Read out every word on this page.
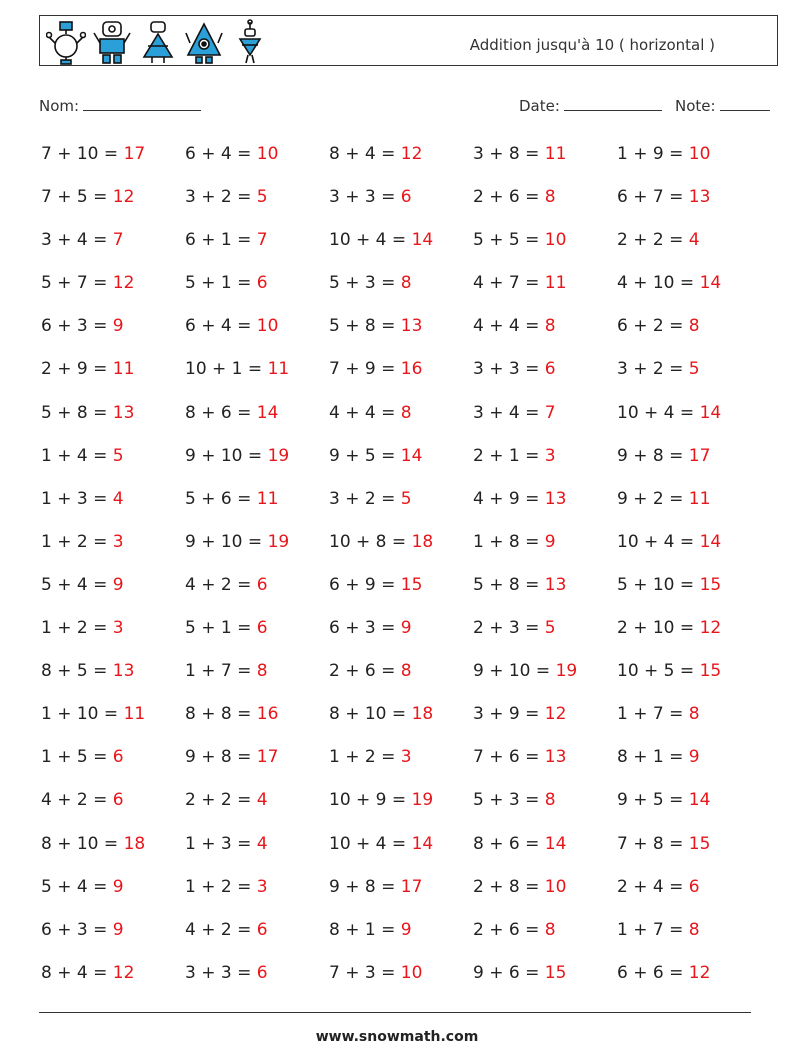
Addition jusqu'à 10 ( horizontal )
Nom:	Date:	Note:
7 + 10 = 17	6 + 4 = 10	8 + 4 = 12	3 + 8 = 11	1 + 9 = 10
7 + 5 = 12	3 + 2 = 5	3 + 3 = 6	2 + 6 = 8	6 + 7 = 13
3 + 4 = 7	6 + 1 = 7	10 + 4 = 14	5 + 5 = 10	2 + 2 = 4
5 + 7 = 12	5 + 1 = 6	5 + 3 = 8	4 + 7 = 11	4 + 10 = 14
6 + 3 = 9	6 + 4 = 10	5 + 8 = 13	4 + 4 = 8	6 + 2 = 8
2 + 9 = 11	10 + 1 = 11	7 + 9 = 16	3 + 3 = 6	3 + 2 = 5
5 + 8 = 13	8 + 6 = 14	4 + 4 = 8	3 + 4 = 7	10 + 4 = 14
1 + 4 = 5	9 + 10 = 19	9 + 5 = 14	2 + 1 = 3	9 + 8 = 17
1 + 3 = 4	5 + 6 = 11	3 + 2 = 5	4 + 9 = 13	9 + 2 = 11
1 + 2 = 3	9 + 10 = 19	10 + 8 = 18	1 + 8 = 9	10 + 4 = 14
5 + 4 = 9	4 + 2 = 6	6 + 9 = 15	5 + 8 = 13	5 + 10 = 15
1 + 2 = 3	5 + 1 = 6	6 + 3 = 9	2 + 3 = 5	2 + 10 = 12
8 + 5 = 13	1 + 7 = 8	2 + 6 = 8	9 + 10 = 19	10 + 5 = 15
1 + 10 = 11	8 + 8 = 16	8 + 10 = 18	3 + 9 = 12	1 + 7 = 8
1 + 5 = 6	9 + 8 = 17	1 + 2 = 3	7 + 6 = 13	8 + 1 = 9
4 + 2 = 6	2 + 2 = 4	10 + 9 = 19	5 + 3 = 8	9 + 5 = 14
8 + 10 = 18	1 + 3 = 4	10 + 4 = 14	8 + 6 = 14	7 + 8 = 15
5 + 4 = 9	1 + 2 = 3	9 + 8 = 17	2 + 8 = 10	2 + 4 = 6
6 + 3 = 9	4 + 2 = 6	8 + 1 = 9	2 + 6 = 8	1 + 7 = 8
8 + 4 = 12	3 + 3 = 6	7 + 3 = 10	9 + 6 = 15	6 + 6 = 12
www.snowmath.com
